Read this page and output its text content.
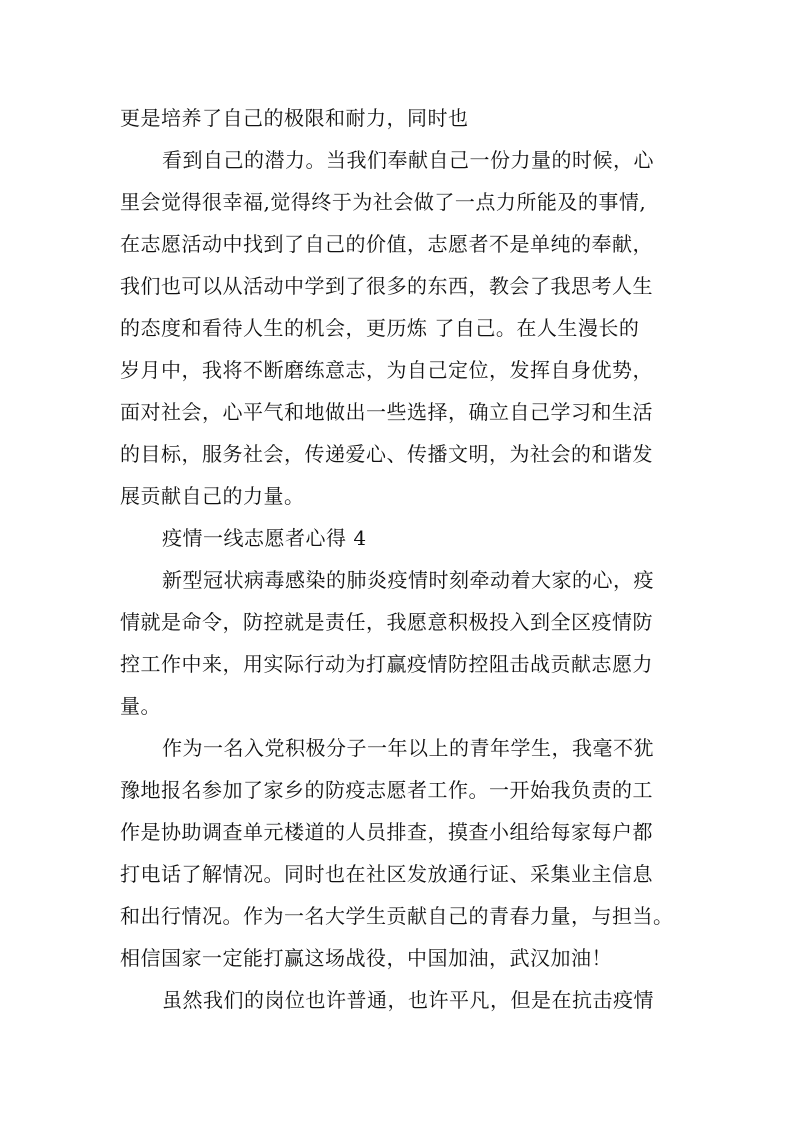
更是培养了自己的极限和耐力，同时也
看到自己的潜力。当我们奉献自己一份力量的时候，心
里会觉得很幸福,觉得终于为社会做了一点力所能及的事情,
在志愿活动中找到了自己的价值，志愿者不是单纯的奉献，
我们也可以从活动中学到了很多的东西，教会了我思考人生
的态度和看待人生的机会，更历炼 了自己。在人生漫长的
岁月中，我将不断磨练意志，为自己定位，发挥自身优势，
面对社会，心平气和地做出一些选择，确立自己学习和生活
的目标，服务社会，传递爱心、传播文明，为社会的和谐发
展贡献自己的力量。
疫情一线志愿者心得 4
新型冠状病毒感染的肺炎疫情时刻牵动着大家的心，疫
情就是命令，防控就是责任，我愿意积极投入到全区疫情防
控工作中来，用实际行动为打赢疫情防控阻击战贡献志愿力
量。
作为一名入党积极分子一年以上的青年学生，我毫不犹
豫地报名参加了家乡的防疫志愿者工作。一开始我负责的工
作是协助调查单元楼道的人员排查，摸查小组给每家每户都
打电话了解情况。同时也在社区发放通行证、采集业主信息
和出行情况。作为一名大学生贡献自己的青春力量，与担当。
相信国家一定能打赢这场战役，中国加油，武汉加油！
虽然我们的岗位也许普通，也许平凡，但是在抗击疫情
